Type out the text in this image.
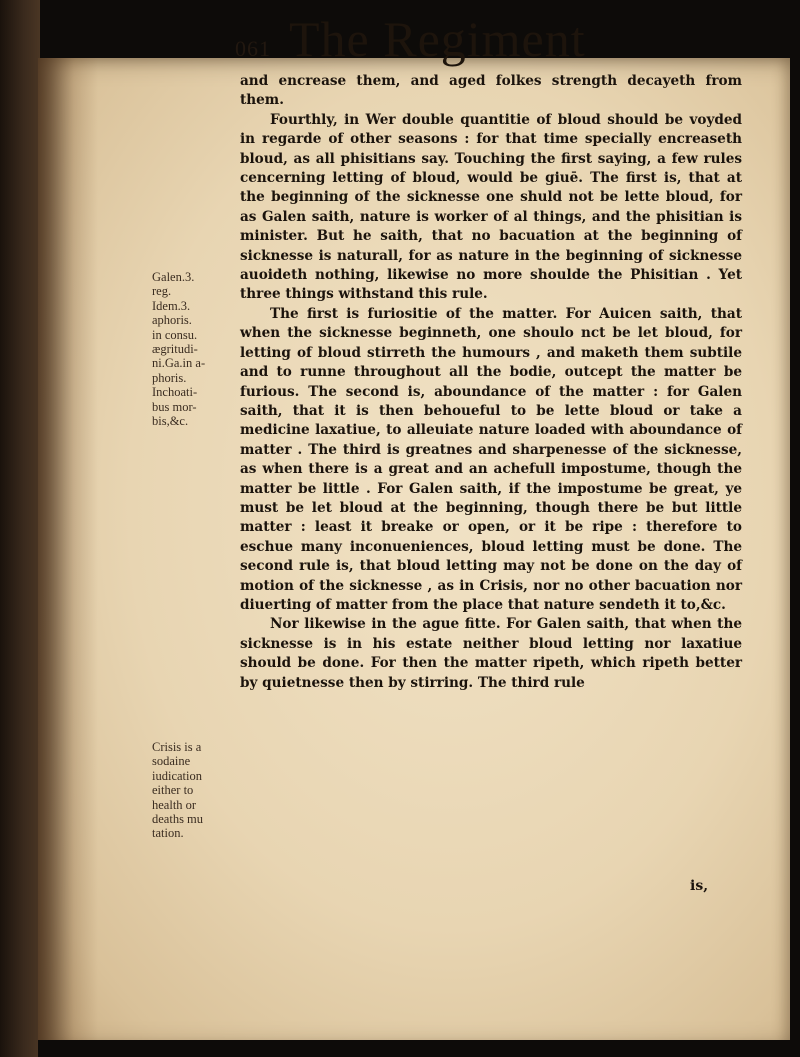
061 The Regiment
Galen.3.
reg.
Idem.3.
aphoris.
in consu.
ægritudi-
ni.Ga.in a-
phoris.
Inchoati-
bus mor-
bis,&c.
Crisis is a
sodaine
iudication
either to
health or
deaths mu
tation.

and encrease them, and aged folkes strength decayeth from them.

Fourthly, in Wer double quantitie of bloud should be voyded in regarde of other seasons : for that time specially encreaseth bloud, as all phisitians say. Touching the first saying, a few rules cencerning letting of bloud, would be giuē. The first is, that at the beginning of the sicknesse one shuld not be lette bloud, for as Galen saith, nature is worker of al things, and the phisitian is minister. But he saith, that no bacuation at the beginning of sicknesse is naturall, for as nature in the beginning of sicknesse auoideth nothing, likewise no more shoulde the Phisitian . Yet three things withstand this rule.

The first is furiositie of the matter. For Auicen saith, that when the sicknesse beginneth, one shoulo nct be let bloud, for letting of bloud stirreth the humours , and maketh them subtile and to runne throughout all the bodie, outcept the matter be furious. The second is, aboundance of the matter : for Galen saith, that it is then behoueful to be lette bloud or take a medicine laxatiue, to alleuiate nature loaded with aboundance of matter . The third is greatnes and sharpenesse of the sicknesse, as when there is a great and an achefull impostume, though the matter be little . For Galen saith, if the impostume be great, ye must be let bloud at the beginning, though there be but little matter : least it breake or open, or it be ripe : therefore to eschue many inconueniences, bloud letting must be done. The second rule is, that bloud letting may not be done on the day of motion of the sicknesse , as in Crisis, nor no other bacuation nor diuerting of matter from the place that nature sendeth it to,&c.

Nor likewise in the ague fitte. For Galen saith, that when the sicknesse is in his estate neither bloud letting nor laxatiue should be done. For then the matter ripeth, which ripeth better by quietnesse then by stirring. The third rule

is,
